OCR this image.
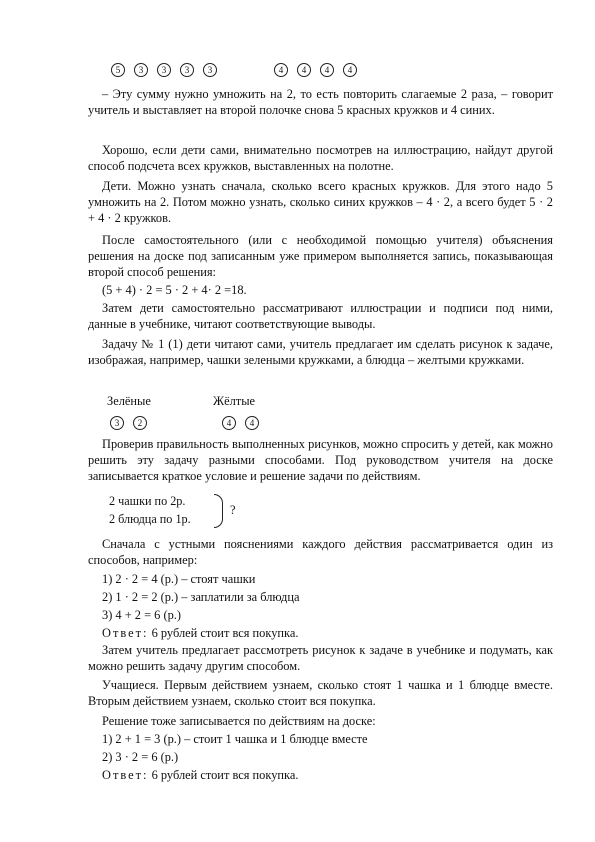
5	3	3	3	3	4	4	4	4
– Эту сумму нужно умножить на 2, то есть повторить слагаемые 2 раза, – говорит учитель и выставляет на второй полочке снова 5 красных кружков и 4 синих.
Хорошо, если дети сами, внимательно посмотрев на иллюстрацию, найдут другой способ подсчета всех кружков, выставленных на полотне.
Дети. Можно узнать сначала, сколько всего красных кружков. Для этого надо 5 умножить на 2. Потом можно узнать, сколько синих кружков – 4 · 2, а всего будет 5 · 2 + 4 · 2 кружков.
После самостоятельного (или с необходимой помощью учителя) объяснения решения на доске под записанным уже примером выполняется запись, показывающая второй способ решения:
(5 + 4) · 2 = 5 · 2 + 4· 2 =18.
Затем дети самостоятельно рассматривают иллюстрации и подписи под ними, данные в учебнике, читают соответствующие выводы.
Задачу № 1 (1) дети читают сами, учитель предлагает им сделать рисунок к задаче, изображая, например, чашки зелеными кружками, а блюдца – желтыми кружками.
Зелёные	Жёлтые
3	2	4	4
Проверив правильность выполненных рисунков, можно спросить у детей, как можно решить эту задачу разными способами. Под руководством учителя на доске записывается краткое условие и решение задачи по действиям.
2 чашки по 2р.
2 блюдца по 1р.
?
Сначала с устными пояснениями каждого действия рассматривается один из способов, например:
1) 2 · 2 = 4 (р.) – стоят чашки
2) 1 · 2 = 2 (р.) – заплатили за блюдца
3) 4 + 2 = 6 (р.)
Ответ: 6 рублей стоит вся покупка.
Затем учитель предлагает рассмотреть рисунок к задаче в учебнике и подумать, как можно решить задачу другим способом.
Учащиеся. Первым действием узнаем, сколько стоят 1 чашка и 1 блюдце вместе. Вторым действием узнаем, сколько стоит вся покупка.
Решение тоже записывается по действиям на доске:
1) 2 + 1 = 3 (р.) – стоит 1 чашка и 1 блюдце вместе
2) 3 · 2 = 6 (р.)
Ответ: 6 рублей стоит вся покупка.
